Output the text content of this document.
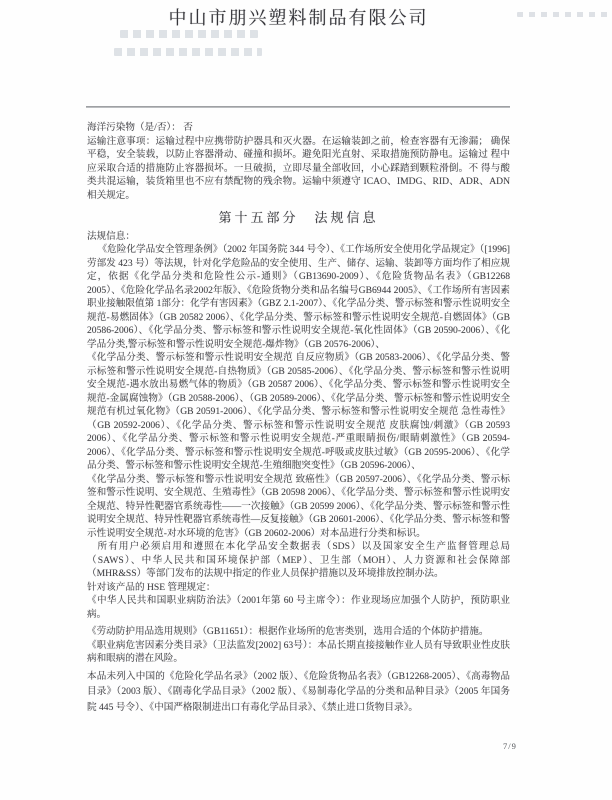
中山市朋兴塑料制品有限公司

海洋污染物（是/否）： 否

运输注意事项：运输过程中应携带防护器具和灭火器。在运输装卸之前，检查容器有无渗漏； 确保平稳，安全装载，以防止容器滑动、碰撞和损坏。避免阳光直射、采取措施预防静电。运输过 程中应采取合适的措施防止容器损坏。一旦破损，立即尽量全部收回，小心踩踏到颗粒滑倒。不 得与酸类共混运输，装货箱里也不应有禁配物的残余物。运输中须遵守 ICAO、IMDG、RID、ADR、ADN 相关规定。

第十五部分　法规信息

法规信息：

《危险化学品安全管理条例》（2002 年国务院 344 号令）、《工作场所安全使用化学品规定》（[1996]劳部发 423 号）等法规，针对化学危险品的安全使用、生产、储存、运输、装卸等方面均作了相应规定，依据《化学品分类和危险性公示-通则》（GB13690-2009）、《危险货物品名表》（GB12268 2005）、《危险化学品名录2002年版》、《危险货物分类和品名编号GB6944 2005》、《工作场所有害因素职业接触限值第 1部分：化学有害因素》（GBZ 2.1-2007）、《化学品分类、警示标签和警示性说明安全规范-易燃固体》（GB 20582 2006）、《化学品分类、警示标签和警示性说明安全规范-自燃固体》（GB 20586-2006）、《化学品分类、警示标签和警示性说明安全规范-氧化性固体》（GB 20590-2006）、《化学品分类,警示标签和警示性说明安全规范-爆炸物》（GB 20576-2006）、

《化学品分类、警示标签和警示性说明安全规范 自反应物质》（GB 20583-2006）、《化学品分类、警示标签和警示性说明安全规范-自热物质》（GB 20585-2006）、《化学品分类、警示标签和警示性说明安全规范-遇水放出易燃气体的物质》（GB 20587 2006）、《化学品分类、警示标签和警示性说明安全规范-金属腐蚀物》（GB 20588-2006）、（GB 20589-2006）、《化学品分类、警示标签和警示性说明安全规范有机过氧化物》（GB 20591-2006）、《化学品分类、警示标签和警示性说明安全规范 急性毒性》（GB 20592-2006）、《化学品分类、警示标签和警示性说明安全规范 皮肤腐蚀/刺激》（GB 20593 2006）、《化学品分类、警示标签和警示性说明安全规范-严重眼睛损伤/眼睛刺激性》（GB 20594-2006）、《化学品分类、警示标签和警示性说明安全规范-呼吸或皮肤过敏》（GB 20595-2006）、《化学品分类、警示标签和警示性说明安全规范-生殖细胞突变性》（GB 20596-2006）、

《化学品分类、警示标签和警示性说明安全规范 致癌性》（GB 20597-2006）、《化学品分类、警示标签和警示性说明、安全规范、生殖毒性》（GB 20598 2006）、《化学品分类、警示标签和警示性说明安全规范、特异性靶器官系统毒性——一次接触》（GB 20599 2006）、《化学品分类、警示标签和警示性说明安全规范、特异性靶器官系统毒性—反复接触》（GB 20601-2006）、《化学品分类、警示标签和警示性说明安全规范-对水环境的危害》（GB 20602-2006）对本品进行分类和标识。

所有用户必须启用和遵照在本化学品安全数据表（SDS）以及国家安全生产监督管理总局（SAWS）、中华人民共和国环境保护部（MEP）、卫生部（MOH）、人力资源和社会保障部（MHR&SS）等部门发布的法规中指定的作业人员保护措施以及环境排放控制办法。

针对该产品的 HSE 管理规定：

《中华人民共和国职业病防治法》（2001年第 60 号主席令）：作业现场应加强个人防护，预防职业病。

《劳动防护用品选用规则》（GB11651）：根据作业场所的危害类别，选用合适的个体防护措施。

《职业病危害因素分类目录》（卫法监发[2002] 63号）：本品长期直接接触作业人员有导致职业性皮肤病和眼病的潜在风险。

本品未列入中国的《危险化学品名录》（2002 版）、《危险货物品名表》（GB12268-2005）、《高毒物品目录》（2003 版）、《剧毒化学品目录》（2002 版）、《易制毒化学品的分类和品种目录》（2005 年国务院 445 号令）、《中国严格限制进出口有毒化学品目录》、《禁止进口货物目录》。

7/9
